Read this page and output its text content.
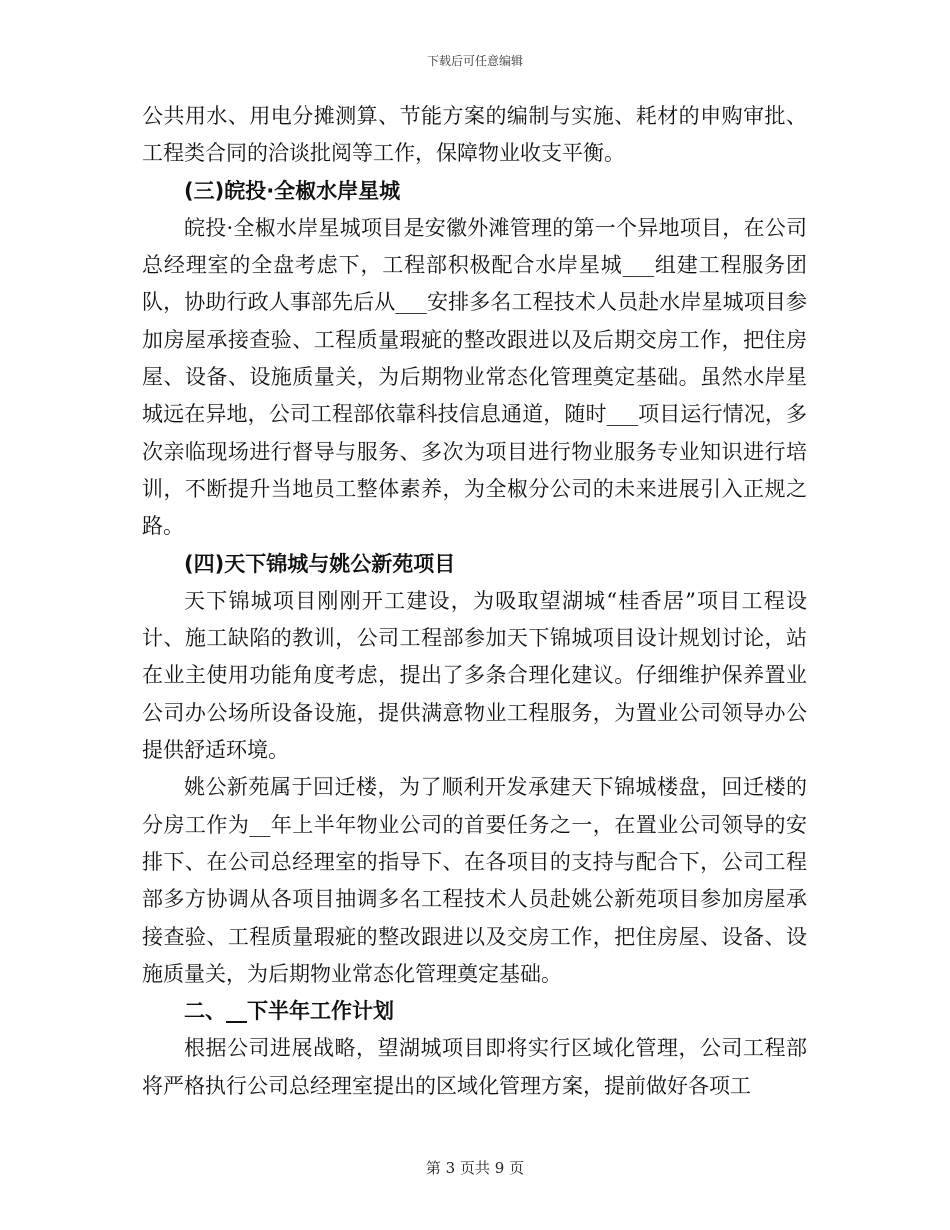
下载后可任意编辑

公共用水、用电分摊测算、节能方案的编制与实施、耗材的申购审批、工程类合同的洽谈批阅等工作，保障物业收支平衡。

(三)皖投·全椒水岸星城

皖投·全椒水岸星城项目是安徽外滩管理的第一个异地项目，在公司总经理室的全盘考虑下，工程部积极配合水岸星城___组建工程服务团队，协助行政人事部先后从___安排多名工程技术人员赴水岸星城项目参加房屋承接查验、工程质量瑕疵的整改跟进以及后期交房工作，把住房屋、设备、设施质量关，为后期物业常态化管理奠定基础。虽然水岸星城远在异地，公司工程部依靠科技信息通道，随时___项目运行情况，多次亲临现场进行督导与服务、多次为项目进行物业服务专业知识进行培训，不断提升当地员工整体素养，为全椒分公司的未来进展引入正规之路。

(四)天下锦城与姚公新苑项目

天下锦城项目刚刚开工建设，为吸取望湖城“桂香居”项目工程设计、施工缺陷的教训，公司工程部参加天下锦城项目设计规划讨论，站在业主使用功能角度考虑，提出了多条合理化建议。仔细维护保养置业公司办公场所设备设施，提供满意物业工程服务，为置业公司领导办公提供舒适环境。

姚公新苑属于回迁楼，为了顺利开发承建天下锦城楼盘，回迁楼的分房工作为__年上半年物业公司的首要任务之一，在置业公司领导的安排下、在公司总经理室的指导下、在各项目的支持与配合下，公司工程部多方协调从各项目抽调多名工程技术人员赴姚公新苑项目参加房屋承接查验、工程质量瑕疵的整改跟进以及交房工作，把住房屋、设备、设施质量关，为后期物业常态化管理奠定基础。

二、__下半年工作计划

根据公司进展战略，望湖城项目即将实行区域化管理，公司工程部将严格执行公司总经理室提出的区域化管理方案，提前做好各项工

第 3 页共 9 页
